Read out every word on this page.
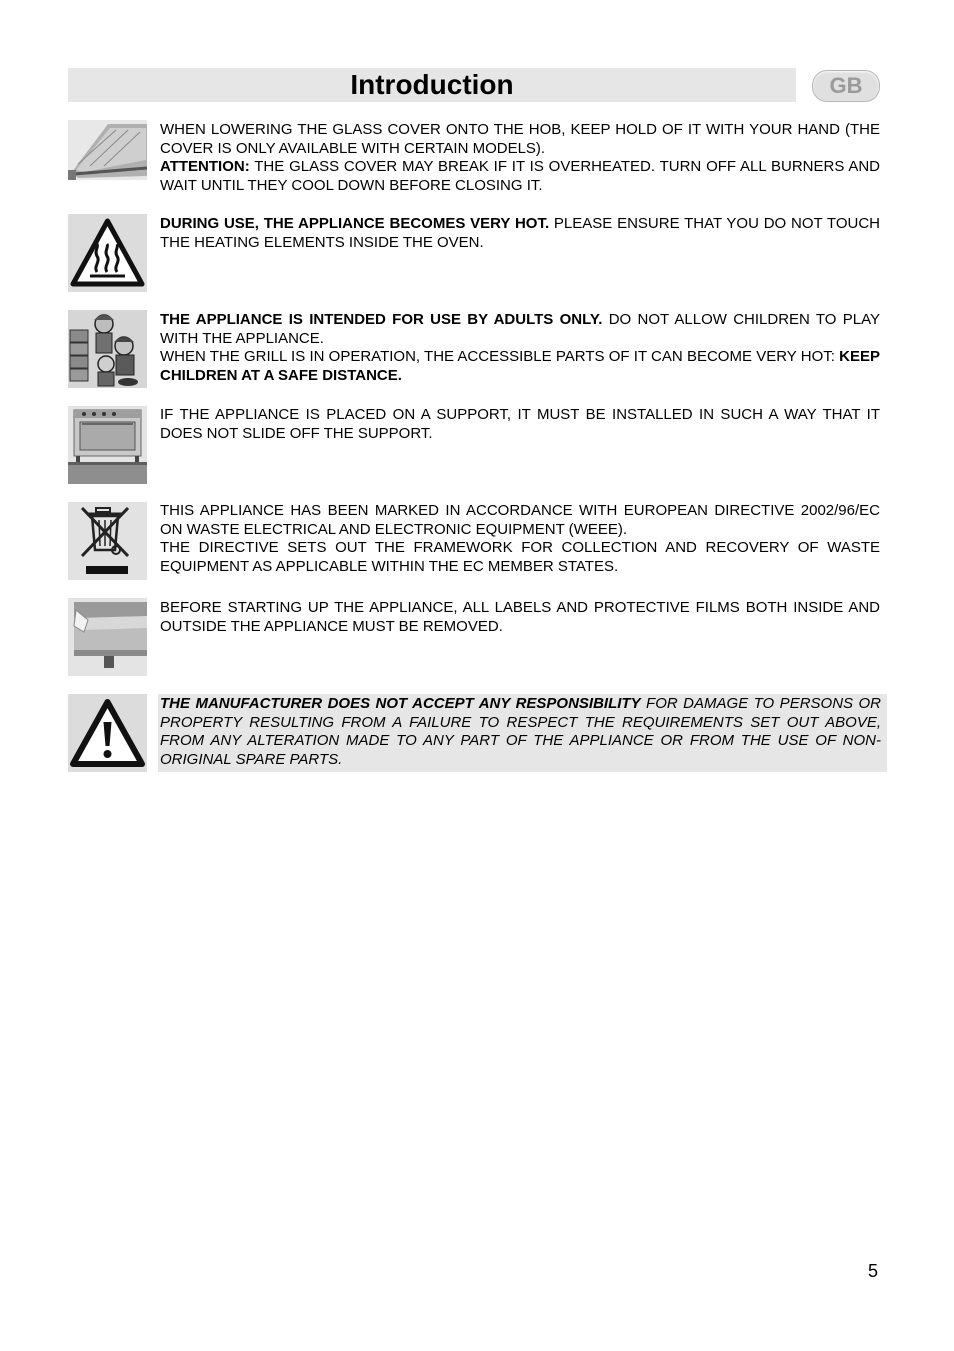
Introduction	GB

WHEN LOWERING THE GLASS COVER ONTO THE HOB, KEEP HOLD OF IT WITH YOUR HAND (THE COVER IS ONLY AVAILABLE WITH CERTAIN MODELS).

ATTENTION: THE GLASS COVER MAY BREAK IF IT IS OVERHEATED. TURN OFF ALL BURNERS AND WAIT UNTIL THEY COOL DOWN BEFORE CLOSING IT.

DURING USE, THE APPLIANCE BECOMES VERY HOT. PLEASE ENSURE THAT YOU DO NOT TOUCH THE HEATING ELEMENTS INSIDE THE OVEN.

THE APPLIANCE IS INTENDED FOR USE BY ADULTS ONLY. DO NOT ALLOW CHILDREN TO PLAY WITH THE APPLIANCE.

WHEN THE GRILL IS IN OPERATION, THE ACCESSIBLE PARTS OF IT CAN BECOME VERY HOT: KEEP CHILDREN AT A SAFE DISTANCE.

IF THE APPLIANCE IS PLACED ON A SUPPORT, IT MUST BE INSTALLED IN SUCH A WAY THAT IT DOES NOT SLIDE OFF THE SUPPORT.

THIS APPLIANCE HAS BEEN MARKED IN ACCORDANCE WITH EUROPEAN DIRECTIVE 2002/96/EC ON WASTE ELECTRICAL AND ELECTRONIC EQUIPMENT (WEEE).

THE DIRECTIVE SETS OUT THE FRAMEWORK FOR COLLECTION AND RECOVERY OF WASTE EQUIPMENT AS APPLICABLE WITHIN THE EC MEMBER STATES.

BEFORE STARTING UP THE APPLIANCE, ALL LABELS AND PROTECTIVE FILMS BOTH INSIDE AND OUTSIDE THE APPLIANCE MUST BE REMOVED.

THE MANUFACTURER DOES NOT ACCEPT ANY RESPONSIBILITY FOR DAMAGE TO PERSONS OR PROPERTY RESULTING FROM A FAILURE TO RESPECT THE REQUIREMENTS SET OUT ABOVE, FROM ANY ALTERATION MADE TO ANY PART OF THE APPLIANCE OR FROM THE USE OF NON-ORIGINAL SPARE PARTS.

5
